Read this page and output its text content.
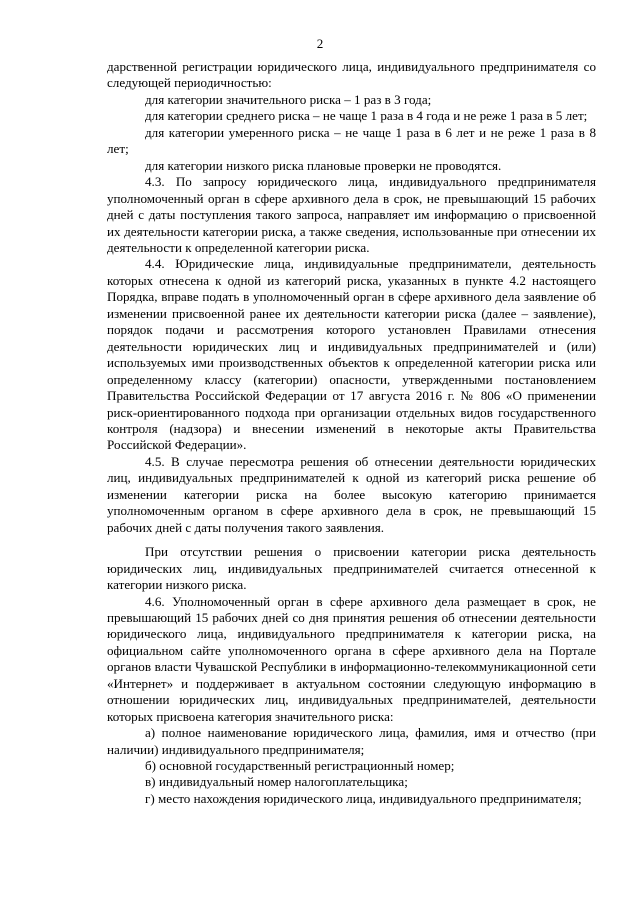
2

дарственной регистрации юридического лица, индивидуального предпринимателя со следующей периодичностью:

для категории значительного риска – 1 раз в 3 года;

для категории среднего риска – не чаще 1 раза в 4 года и не реже 1 раза в 5 лет;

для категории умеренного риска – не чаще 1 раза в 6 лет и не реже 1 раза в 8 лет;

для категории низкого риска плановые проверки не проводятся.

4.3. По запросу юридического лица, индивидуального предпринимателя уполномоченный орган в сфере архивного дела в срок, не превышающий 15 рабочих дней с даты поступления такого запроса, направляет им информацию о присвоенной их деятельности категории риска, а также сведения, использованные при отнесении их деятельности к определенной категории риска.

4.4. Юридические лица, индивидуальные предприниматели, деятельность которых отнесена к одной из категорий риска, указанных в пункте 4.2 настоящего Порядка, вправе подать в уполномоченный орган в сфере архивного дела заявление об изменении присвоенной ранее их деятельности категории риска (далее – заявление), порядок подачи и рассмотрения которого установлен Правилами отнесения деятельности юридических лиц и индивидуальных предпринимателей и (или) используемых ими производственных объектов к определенной категории риска или определенному классу (категории) опасности, утвержденными постановлением Правительства Российской Федерации от 17 августа 2016 г. № 806 «О применении риск-ориентированного подхода при организации отдельных видов государственного контроля (надзора) и внесении изменений в некоторые акты Правительства Российской Федерации».

4.5. В случае пересмотра решения об отнесении деятельности юридических лиц, индивидуальных предпринимателей к одной из категорий риска решение об изменении категории риска на более высокую категорию принимается уполномоченным органом в сфере архивного дела в срок, не превышающий 15 рабочих дней с даты получения такого заявления.

При отсутствии решения о присвоении категории риска деятельность юридических лиц, индивидуальных предпринимателей считается отнесенной к категории низкого риска.

4.6. Уполномоченный орган в сфере архивного дела размещает в срок, не превышающий 15 рабочих дней со дня принятия решения об отнесении деятельности юридического лица, индивидуального предпринимателя к категории риска, на официальном сайте уполномоченного органа в сфере архивного дела на Портале органов власти Чувашской Республики в информационно-телекоммуникационной сети «Интернет» и поддерживает в актуальном состоянии следующую информацию в отношении юридических лиц, индивидуальных предпринимателей, деятельности которых присвоена категория значительного риска:

а) полное наименование юридического лица, фамилия, имя и отчество (при наличии) индивидуального предпринимателя;

б) основной государственный регистрационный номер;

в) индивидуальный номер налогоплательщика;

г) место нахождения юридического лица, индивидуального предпринимателя;
